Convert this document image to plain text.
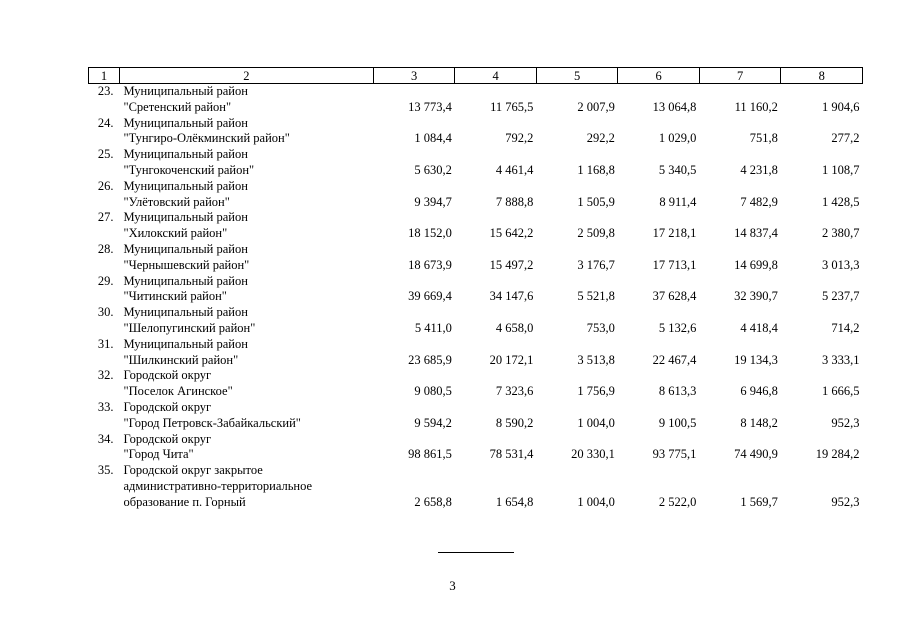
1	2	3	4	5	6	7	8
23.	Муниципальный район
"Сретенский район"	13 773,4	11 765,5	2 007,9	13 064,8	11 160,2	1 904,6
24.	Муниципальный район
"Тунгиро-Олёкминский район"	1 084,4	792,2	292,2	1 029,0	751,8	277,2
25.	Муниципальный район
"Тунгокоченский район"	5 630,2	4 461,4	1 168,8	5 340,5	4 231,8	1 108,7
26.	Муниципальный район
"Улётовский район"	9 394,7	7 888,8	1 505,9	8 911,4	7 482,9	1 428,5
27.	Муниципальный район
"Хилокский район"	18 152,0	15 642,2	2 509,8	17 218,1	14 837,4	2 380,7
28.	Муниципальный район
"Чернышевский район"	18 673,9	15 497,2	3 176,7	17 713,1	14 699,8	3 013,3
29.	Муниципальный район
"Читинский район"	39 669,4	34 147,6	5 521,8	37 628,4	32 390,7	5 237,7
30.	Муниципальный район
"Шелопугинский район"	5 411,0	4 658,0	753,0	5 132,6	4 418,4	714,2
31.	Муниципальный район
"Шилкинский район"	23 685,9	20 172,1	3 513,8	22 467,4	19 134,3	3 333,1
32.	Городской округ
"Поселок Агинское"	9 080,5	7 323,6	1 756,9	8 613,3	6 946,8	1 666,5
33.	Городской округ
"Город Петровск-Забайкальский"	9 594,2	8 590,2	1 004,0	9 100,5	8 148,2	952,3
34.	Городской округ
"Город Чита"	98 861,5	78 531,4	20 330,1	93 775,1	74 490,9	19 284,2
35.	Городской округ закрытое
административно-территориальное
образование п. Горный	2 658,8	1 654,8	1 004,0	2 522,0	1 569,7	952,3
3
